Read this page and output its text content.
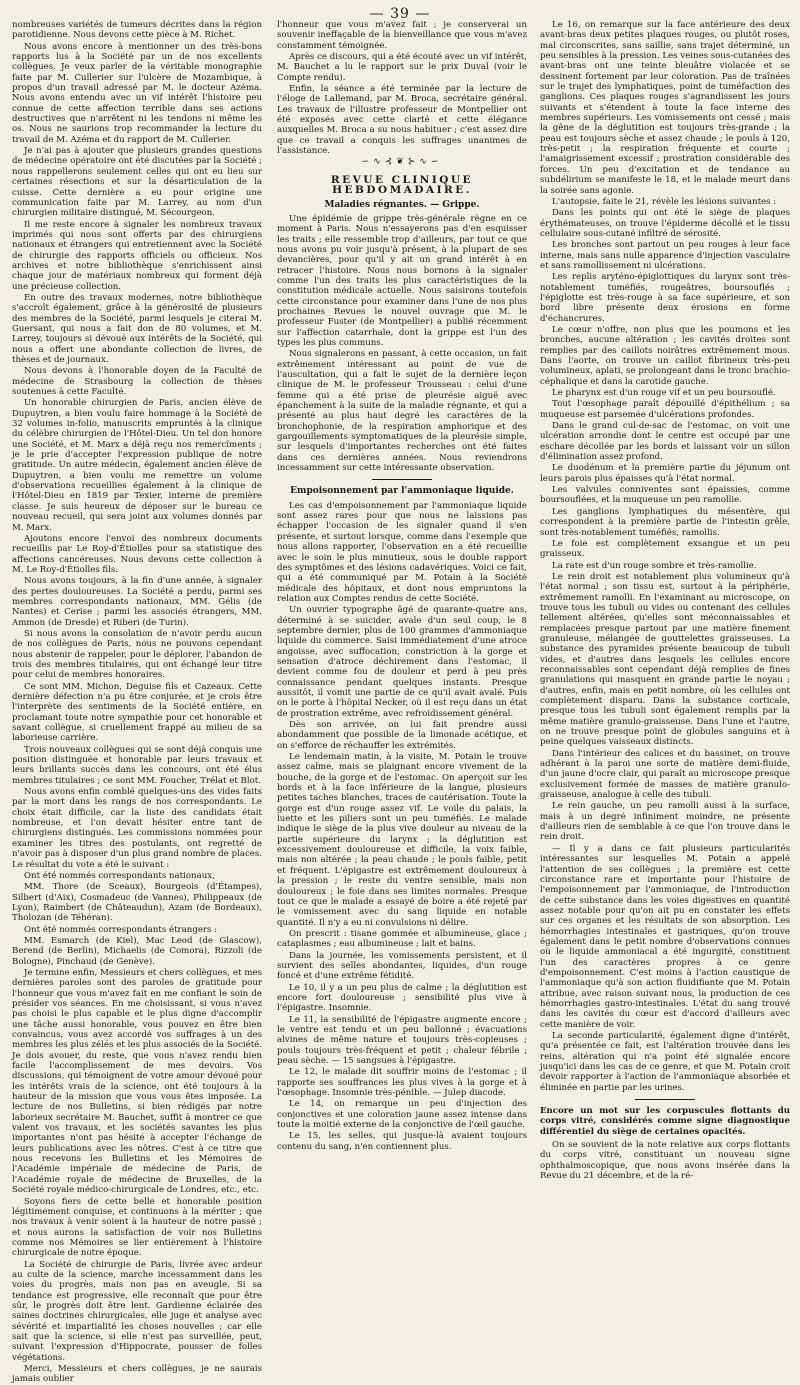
— 39 —

nombreuses variétés de tumeurs décrites dans la région parotidienne. Nous devons cette pièce à M. Richet.

Nous avons encore à mentionner un des très-bons rapports lus à la Société par un de nos excellents collègues. Je veux parler de la véritable monographie faite par M. Cullerier sur l'ulcère de Mozambique, à propos d'un travail adressé par M. le docteur Azéma. Nous avons entendu avec un vif intérêt l'histoire peu connue de cette affection terrible dans ses actions destructives que n'arrêtent ni les tendons ni même les os. Nous ne saurions trop recommander la lecture du travail de M. Azéma et du rapport de M. Cullerier.

Je n'ai pas à ajouter que plusieurs grandes questions de médecine opératoire ont été discutées par la Société ; nous rappellerons seulement celles qui ont eu lieu sur certaines résections et sur la désarticulation de la cuisse. Cette dernière a eu pour origine une communication faite par M. Larrey, au nom d'un chirurgien militaire distingué, M. Sécourgeon.

Il me reste encore à signaler les nombreux travaux imprimés qui nous sont offerts par des chirurgiens nationaux et étrangers qui entretiennent avec la Société de chirurgie des rapports officiels ou officieux. Nos archives et notre bibliothèque s'enrichissent ainsi chaque jour de matériaux nombreux qui forment déjà une précieuse collection.

En outre des travaux modernes, notre bibliothèque s'accroît également, grâce à la générosité de plusieurs des membres de la Société, parmi lesquels je citerai M. Guersant, qui nous a fait don de 80 volumes, et M. Larrey, toujours si dévoué aux intérêts de la Société, qui nous a offert une abondante collection de livres, de thèses et de journaux.

Nous devons à l'honorable doyen de la Faculté de médecine de Strasbourg la collection de thèses soutenues à cette Faculté.

Un honorable chirurgien de Paris, ancien élève de Dupuytren, a bien voulu faire hommage à la Société de 32 volumes in-folio, manuscrits empruntés à la clinique du célèbre chirurgien de l'Hôtel-Dieu. Un tel don honore une Société, et M. Marx a déjà reçu nos remercîments ; je le prie d'accepter l'expression publique de notre gratitude. Un autre médecin, également ancien élève de Dupuytren, a bien voulu me remettre un volume d'observations recueillies également à la clinique de l'Hôtel-Dieu en 1819 par Texier, interne de première classe. Je suis heureux de déposer sur le bureau ce nouveau recueil, qui sera joint aux volumes donnés par M. Marx.

Ajoutons encore l'envoi des nombreux documents recueillis par Le Roy-d'Étiolles pour sa statistique des affections cancéreuses. Nous devons cette collection à M. Le Roy-d'Étiolles fils.

Nous avons toujours, à la fin d'une année, à signaler des pertes douloureuses. La Société a perdu, parmi ses membres correspondants nationaux, MM. Gélis (de Nantes) et Cerise ; parmi les associés étrangers, MM. Ammon (de Dresde) et Riberi (de Turin).

Si nous avons la consolation de n'avoir perdu aucun de nos collègues de Paris, nous ne pouvons cependant nous abstenir de rappeler, pour le déplorer, l'abandon de trois des membres titulaires, qui ont échangé leur titre pour celui de membres honoraires.

Ce sont MM. Michon, Deguise fils et Cazeaux. Cette dernière défection n'a pu être conjurée, et je crois être l'interprète des sentiments de la Société entière, en proclamant toute notre sympathie pour cet honorable et savant collègue, si cruellement frappé au milieu de sa laborieuse carrière.

Trois nouveaux collègues qui se sont déjà conquis une position distinguée et honorable par leurs travaux et leurs brillants succès dans les concours, ont été élus membres titulaires ; ce sont MM. Foucher, Trélat et Blot.

Nous avons enfin comblé quelques-uns des vides faits par la mort dans les rangs de nos correspondants. Le choix était difficile, car la liste des candidats était nombreuse, et l'on devait hésiter entre tant de chirurgiens distingués. Les commissions nommées pour examiner les titres des postulants, ont regretté de n'avoir pas à disposer d'un plus grand nombre de places. Le résultat du vote a été le suivant :

Ont été nommés correspondants nationaux,

MM. Thore (de Sceaux), Bourgeois (d'Étampes), Silbert (d'Aix), Cosmadeuc (de Vannes), Philippeaux (de Lyon), Raimbert (de Châteaudun), Azam (de Bordeaux), Tholozan (de Téhéran).

Ont été nommés correspondants étrangers :

MM. Esmarch (de Kiel), Mac Leod (de Glascow), Berend (de Berlin), Michaelis (de Comora), Rizzoli (de Bologne), Pinchaud (de Genève).

Je termine enfin, Messieurs et chers collègues, et mes dernières paroles sont des paroles de gratitude pour l'honneur que vous m'avez fait en me confiant le soin de présider vos séances. En me choisissant, si vous n'avez pas choisi le plus capable et le plus digne d'accomplir une tâche aussi honorable, vous pouvez en être bien convaincus, vous avez accordé vos suffrages à un des membres les plus zélés et les plus associés de la Société. Je dois avouer, du reste, que vous n'avez rendu bien facile l'accomplissement de mes devoirs. Vos discussions, qui témoignent de votre amour dévoué pour les intérêts vrais de la science, ont été toujours à la hauteur de la mission que vous vous êtes imposée. La lecture de nos Bulletins, si bien rédigés par notre laborieux secrétaire M. Bauchet, suffit à montrer ce que valent vos travaux, et les sociétés savantes les plus importantes n'ont pas hésité à accepter l'échange de leurs publications avec les nôtres. C'est à ce titre que nous recevons les Bulletins et les Mémoires de l'Académie impériale de médecine de Paris, de l'Académie royale de médecine de Bruxelles, de la Société royale médico-chirurgicale de Londres, etc., etc.

Soyons fiers de cette belle et honorable position légitimement conquise, et continuons à la mériter ; que nos travaux à venir soient à la hauteur de notre passé ; et nous aurons la satisfaction de voir nos Bulletins comme nos Mémoires se lier entièrement à l'histoire chirurgicale de notre époque.

La Société de chirurgie de Paris, livrée avec ardeur au culte de la science, marche incessamment dans les voies du progrès, mais non pas en aveugle. Si sa tendance est progressive, elle reconnaît que pour être sûr, le progrès doit être lent. Gardienne éclairée des saines doctrines chirurgicales, elle juge et analyse avec sévérité et impartialité les choses nouvelles ; car elle sait que la science, si elle n'est pas surveillée, peut, suivant l'expression d'Hippocrate, pousser de folles végétations.

Merci, Messieurs et chers collègues, je ne saurais jamais oublier

l'honneur que vous m'avez fait ; je conserverai un souvenir ineffaçable de la bienveillance que vous m'avez constamment témoignée.

Après ce discours, qui a été écouté avec un vif intérêt, M. Bauchet a lu le rapport sur le prix Duval (voir le Compte rendu).

Enfin, la séance a été terminée par la lecture de l'éloge de Lallemand, par M. Broca, secrétaire général. Les travaux de l'illustre professeur de Montpellier ont été exposés avec cette clarté et cette élégance auxquelles M. Broca a su nous habituer ; c'est assez dire que ce travail a conquis les suffrages unanimes de l'assistance.

∽∿⊰❦⊱∿∽
REVUE CLINIQUE HEBDOMADAIRE.
Maladies régnantes. — Grippe.

Une épidémie de grippe très-générale règne en ce moment à Paris. Nous n'essayerons pas d'en esquisser les traits ; elle ressemble trop d'ailleurs, par tout ce que nous avons pu voir jusqu'à présent, à la plupart de ses devancières, pour qu'il y ait un grand intérêt à en retracer l'histoire. Nous nous bornons à la signaler comme l'un des traits les plus caractéristiques de la constitution médicale actuelle. Nous saisirons toutefois cette circonstance pour examiner dans l'une de nos plus prochaines Revues le nouvel ouvrage que M. le professeur Fuster (de Montpellier) a publié récemment sur l'affection catarrhale, dont la grippe est l'un des types les plus communs.

Nous signalerons en passant, à cette occasion, un fait extrêmement intéressant au point de vue de l'auscultation, qui a fait le sujet de la dernière leçon clinique de M. le professeur Trousseau : celui d'une femme qui a été prise de pleurésie aiguë avec épanchement à la suite de la maladie régnante, et qui a présenté au plus haut degré les caractères de la bronchophonie, de la respiration amphorique et des gargouillements symptomatiques de la pleurésie simple, sur lesquels d'importantes recherches ont été faites dans ces dernières années. Nous reviendrons incessamment sur cette intéressante observation.

Empoisonnement par l'ammoniaque liquide.

Les cas d'empoisonnement par l'ammoniaque liquide sont assez rares pour que nous ne laissions pas échapper l'occasion de les signaler quand il s'en présente, et surtout lorsque, comme dans l'exemple que nous allons rapporter, l'observation en a été recueillie avec le soin le plus minutieux, sous le double rapport des symptômes et des lésions cadavériques. Voici ce fait, qui a été communiqué par M. Potain à la Société médicale des hôpitaux, et dont nous empruntons la relation aux Comptes rendus de cette Société.

Un ouvrier typographe âgé de quarante-quatre ans, déterminé à se suicider, avale d'un seul coup, le 8 septembre dernier, plus de 100 grammes d'ammoniaque liquide du commerce. Saisi immédiatement d'une atroce angoisse, avec suffocation, constriction à la gorge et sensation d'atroce déchirement dans l'estomac, il devient comme fou de douleur et perd à peu près connaissance pendant quelques instants. Presque aussitôt, il vomit une partie de ce qu'il avait avalé. Puis on le porte à l'hôpital Necker, où il est reçu dans un état de prostration extrême, avec refroidissement général.

Dès son arrivée, on lui fait prendre aussi abondamment que possible de la limonade acétique, et on s'efforce de réchauffer les extrémités.

Le lendemain matin, à la visite, M. Potain le trouve assez calme, mais se plaignant encore vivement de la bouche, de la gorge et de l'estomac. On aperçoit sur les bords et à la face inférieure de la langue, plusieurs petites taches blanches, traces de cautérisation. Toute la gorge est d'un rouge assez vif. Le voile du palais, la luette et les piliers sont un peu tuméfiés. Le malade indique le siège de la plus vive douleur au niveau de la partie supérieure du larynx ; la déglutition est excessivement douloureuse et difficile, la voix faible, mais non altérée ; la peau chaude ; le pouls faible, petit et fréquent. L'épigastre est extrêmement douloureux à la pression ; le reste du ventre sensible, mais non douloureux ; le foie dans ses limites normales. Presque tout ce que le malade a essayé de boire a été rejeté par le vomissement avec du sang liquide en notable quantité. Il n'y a eu ni convulsions ni délire.

On prescrit : tisane gommée et albumineuse, glace ; cataplasmes ; eau albumineuse ; lait et bains.

Dans la journée, les vomissements persistent, et il survient des selles abondantes, liquides, d'un rouge foncé et d'une extrême fétidité.

Le 10, il y a un peu plus de calme ; la déglutition est encore fort douloureuse ; sensibilité plus vive à l'épigastre. Insomnie.

Le 11, la sensibilité de l'épigastre augmente encore ; le ventre est tendu et un peu ballonné ; évacuations alvines de même nature et toujours très-copieuses ; pouls toujours très-fréquent et petit ; chaleur fébrile ; peau sèche. — 15 sangsues à l'épigastre.

Le 12, le malade dit souffrir moins de l'estomac ; il rapporte ses souffrances les plus vives à la gorge et à l'œsophage. Insomnie très-pénible. — Julep diacode.

Le 14, on remarque un peu d'injection des conjonctives et une coloration jaune assez intense dans toute la moitié externe de la conjonctive de l'œil gauche.

Le 15, les selles, qui jusque-là avaient toujours contenu du sang, n'en contiennent plus.

Le 16, on remarque sur la face antérieure des deux avant-bras deux petites plaques rouges, ou plutôt roses, mal circonscrites, sans saillie, sans trajet déterminé, un peu sensibles à la pression. Les veines sous-cutanées des avant-bras ont une teinte bleuâtre violacée et se dessinent fortement par leur coloration. Pas de traînées sur le trajet des lymphatiques, point de tuméfaction des ganglions. Ces plaques rouges s'agrandissent les jours suivants et s'étendent à toute la face interne des membres supérieurs. Les vomissements ont cessé ; mais la gêne de la déglutition est toujours très-grande ; la peau est toujours sèche et assez chaude ; le pouls à 120, très-petit ; la respiration fréquente et courte ; l'amaigrissement excessif ; prostration considérable des forces. Un peu d'excitation et de tendance au subdélirium se manifeste le 18, et le malade meurt dans la soirée sans agonie.

L'autopsie, faite le 21, révèle les lésions suivantes :

Dans les points qui ont été le siège de plaques érythémateuses, on trouve l'épiderme décollé et le tissu cellulaire sous-cutané infiltré de sérosité.

Les bronches sont partout un peu rouges à leur face interne, mais sans nulle apparence d'injection vasculaire et sans ramollissement ni ulcérations.

Les replis aryténo-épiglottiques du larynx sont très-notablement tuméfiés, rougeâtres, boursouflés ; l'épiglotte est très-rouge à sa face supérieure, et son bord libre présente deux érosions en forme d'échancrures.

Le cœur n'offre, non plus que les poumons et les bronches, aucune altération ; les cavités droites sont remplies par des caillots noirâtres extrêmement mous. Dans l'aorte, on trouve un caillot fibrineux très-peu volumineux, aplati, se prolongeant dans le tronc brachio-céphalique et dans la carotide gauche.

Le pharynx est d'un rouge vif et un peu boursouflé.

Tout l'œsophage paraît dépouillé d'épithélium ; sa muqueuse est parsemée d'ulcérations profondes.

Dans le grand cul-de-sac de l'estomac, on voit une ulcération arrondie dont le centre est occupé par une eschare décollée par les bords et laissant voir un sillon d'élimination assez profond.

Le duodénum et la première partie du jéjunum ont leurs parois plus épaisses qu'à l'état normal.

Les valvules conniventes sont épaissies, comme boursouflées, et la muqueuse un peu ramollie.

Les ganglions lymphatiques du mésentère, qui correspondent à la première partie de l'intestin grêle, sont très-notablement tuméfiés, ramollis.

Le foie est complètement exsangue et un peu graisseux.

La rate est d'un rouge sombre et très-ramollie.

Le rein droit est notablement plus volumineux qu'à l'état normal ; son tissu est, surtout à la périphérie, extrêmement ramolli. En l'examinant au microscope, on trouve tous les tubuli ou vides ou contenant des cellules tellement altérées, qu'elles sont méconnaissables et remplacées presque partout par une matière finement granuleuse, mélangée de gouttelettes graisseuses. La substance des pyramides présente beaucoup de tubuli vides, et d'autres dans lesquels les cellules encore reconnaissables sont cependant déjà remplies de fines granulations qui masquent en grande partie le noyau ; d'autres, enfin, mais en petit nombre, où les cellules ont complètement disparu. Dans la substance corticale, presque tous les tubuli sont également remplis par la même matière granulo-graisseuse. Dans l'une et l'autre, on ne trouve presque point de globules sanguins et à peine quelques vaisseaux distincts.

Dans l'intérieur des calices et du bassinet, on trouve adhérant à la paroi une sorte de matière demi-fluide, d'un jaune d'ocre clair, qui paraît au microscope presque exclusivement formée de masses de matière granulo-graisseuse, analogue à celle des tubuli.

Le rein gauche, un peu ramolli aussi à la surface, mais à un degré infiniment moindre, ne présente d'ailleurs rien de semblable à ce que l'on trouve dans le rein droit.

— Il y a dans ce fait plusieurs particularités intéressantes sur lesquelles M. Potain a appelé l'attention de ses collègues ; la première est cette circonstance rare et importante pour l'histoire de l'empoisonnement par l'ammoniaque, de l'introduction de cette substance dans les voies digestives en quantité assez notable pour qu'on ait pu en constater les effets sur ces organes et les résultats de son absorption. Les hémorrhagies intestinales et gastriques, qu'on trouve également dans le petit nombre d'observations connues où le liquide ammoniacal a été ingurgité, constituent l'un des caractères propres à ce genre d'empoisonnement. C'est moins à l'action caustique de l'ammoniaque qu'à son action fluidifiante que M. Potain attribue, avec raison suivant nous, la production de ces hémorrhagies gastro-intestinales. L'état du sang trouvé dans les cavités du cœur est d'accord d'ailleurs avec cette manière de voir.

La seconde particularité, également digne d'intérêt, qu'a présentée ce fait, est l'altération trouvée dans les reins, altération qui n'a point été signalée encore jusqu'ici dans les cas de ce genre, et que M. Potain croit devoir rapporter à l'action de l'ammoniaque absorbée et éliminée en partie par les urines.

Encore un mot sur les corpuscules flottants du corps vitré, considérés comme signe diagnostique différentiel du siège de certaines opacités.

On se souvient de la note relative aux corps flottants du corps vitré, constituant un nouveau signe ophthalmoscopique, que nous avons insérée dans la Revue du 21 décembre, et de la ré-
